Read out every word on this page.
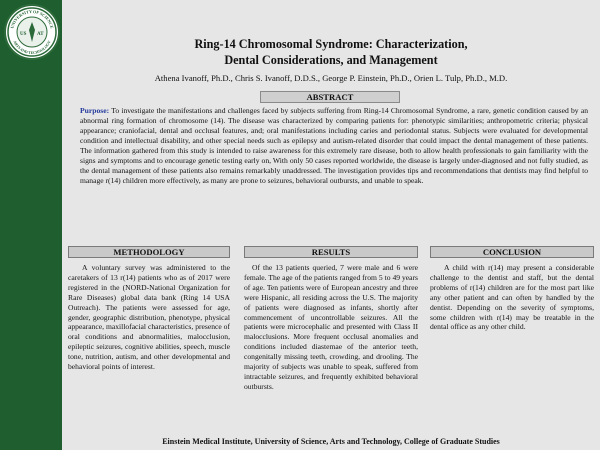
UNIVERSITY OF SCIENCE
ARTS AND TECHNOLOGY
US AT
Ring-14 Chromosomal Syndrome: Characterization,
Dental Considerations, and Management
Athena Ivanoff, Ph.D., Chris S. Ivanoff, D.D.S., George P. Einstein, Ph.D., Orien L. Tulp, Ph.D., M.D.
ABSTRACT
Purpose: To investigate the manifestations and challenges faced by subjects suffering from Ring-14 Chromosomal Syndrome, a rare, genetic condition caused by an abnormal ring formation of chromosome (14). The disease was characterized by comparing patients for: phenotypic similarities; anthropometric criteria; physical appearance; craniofacial, dental and occlusal features, and; oral manifestations including caries and periodontal status. Subjects were evaluated for developmental condition and intellectual disability, and other special needs such as epilepsy and autism-related disorder that could impact the dental management of these patients. The information gathered from this study is intended to raise awareness for this extremely rare disease, both to allow health professionals to gain familiarity with the signs and symptoms and to encourage genetic testing early on, With only 50 cases reported worldwide, the disease is largely under-diagnosed and not fully studied, as the dental management of these patients also remains remarkably unaddressed. The investigation provides tips and recommendations that dentists may find helpful to manage r(14) children more effectively, as many are prone to seizures, behavioral outbursts, and unable to speak.
METHODOLOGY
A voluntary survey was administered to the caretakers of 13 r(14) patients who as of 2017 were registered in the (NORD-National Organization for Rare Diseases) global data bank (Ring 14 USA Outreach). The patients were assessed for age, gender, geographic distribution, phenotype, physical appearance, maxillofacial characteristics, presence of oral conditions and abnormalities, malocclusion, epileptic seizures, cognitive abilities, speech, muscle tone, nutrition, autism, and other developmental and behavioral points of interest.
RESULTS
Of the 13 patients queried, 7 were male and 6 were female. The age of the patients ranged from 5 to 49 years of age. Ten patients were of European ancestry and three were Hispanic, all residing across the U.S. The majority of patients were diagnosed as infants, shortly after commencement of uncontrollable seizures. All the patients were microcephalic and presented with Class II malocclusions. More frequent occlusal anomalies and conditions included diastemae of the anterior teeth, congenitally missing teeth, crowding, and drooling. The majority of subjects was unable to speak, suffered from intractable seizures, and frequently exhibited behavioral outbursts.
CONCLUSION
A child with r(14) may present a considerable challenge to the dentist and staff, but the dental problems of r(14) children are for the most part like any other patient and can often by handled by the dentist. Depending on the severity of symptoms, some children with r(14) may be treatable in the dental office as any other child.
Einstein Medical Institute, University of Science, Arts and Technology, College of Graduate Studies
